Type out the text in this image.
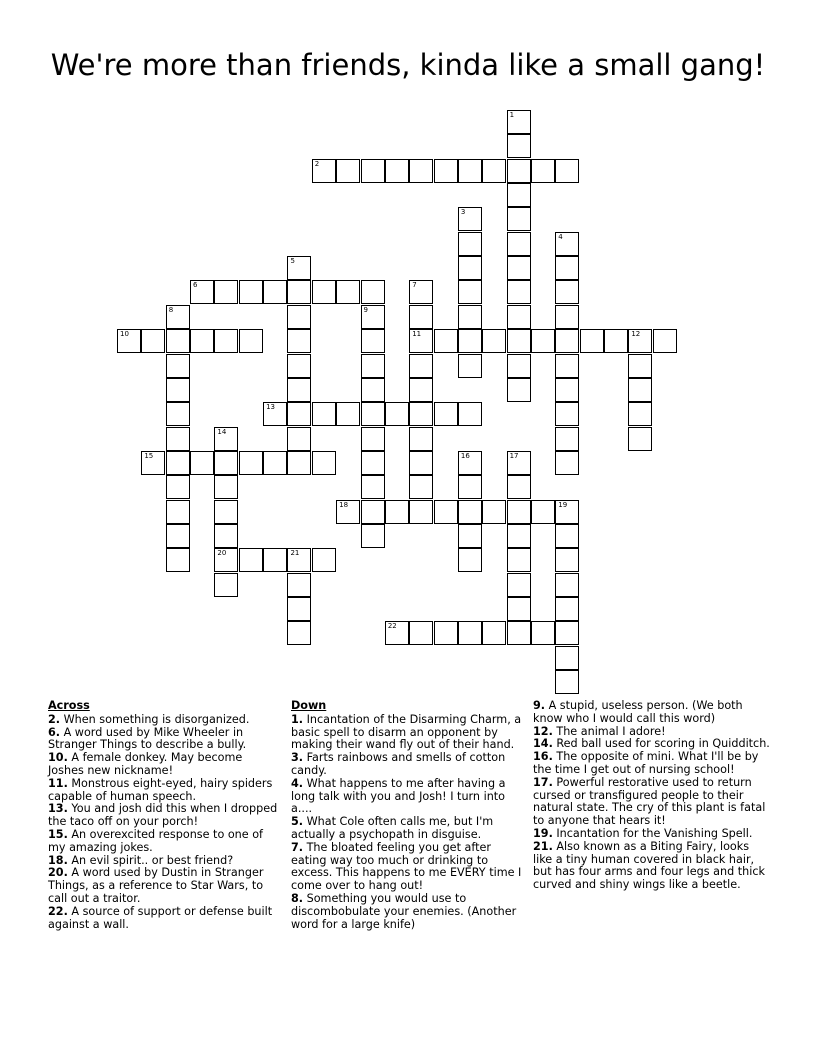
We're more than friends, kinda like a small gang!
1
2
3
4
5
6	7
11
8	9
10	12
13
14
20
15	16	17
18	19
21
22
Across

2. When something is disorganized.

6. A word used by Mike Wheeler in Stranger Things to describe a bully.

10. A female donkey. May become Joshes new nickname!

11. Monstrous eight-eyed, hairy spiders capable of human speech.

13. You and josh did this when I dropped the taco off on your porch!

15. An overexcited response to one of my amazing jokes.

18. An evil spirit.. or best friend?

20. A word used by Dustin in Stranger Things, as a reference to Star Wars, to call out a traitor.

22. A source of support or defense built against a wall.

Down

1. Incantation of the Disarming Charm, a basic spell to disarm an opponent by making their wand fly out of their hand.

3. Farts rainbows and smells of cotton candy.

4. What happens to me after having a long talk with you and Josh! I turn into a....

5. What Cole often calls me, but I'm actually a psychopath in disguise.

7. The bloated feeling you get after eating way too much or drinking to excess. This happens to me EVERY time I come over to hang out!

8. Something you would use to discombobulate your enemies. (Another word for a large knife)

9. A stupid, useless person. (We both know who I would call this word)

12. The animal I adore!

14. Red ball used for scoring in Quidditch.

16. The opposite of mini. What I'll be by the time I get out of nursing school!

17. Powerful restorative used to return cursed or transfigured people to their natural state. The cry of this plant is fatal to anyone that hears it!

19. Incantation for the Vanishing Spell.

21. Also known as a Biting Fairy, looks like a tiny human covered in black hair, but has four arms and four legs and thick curved and shiny wings like a beetle.
